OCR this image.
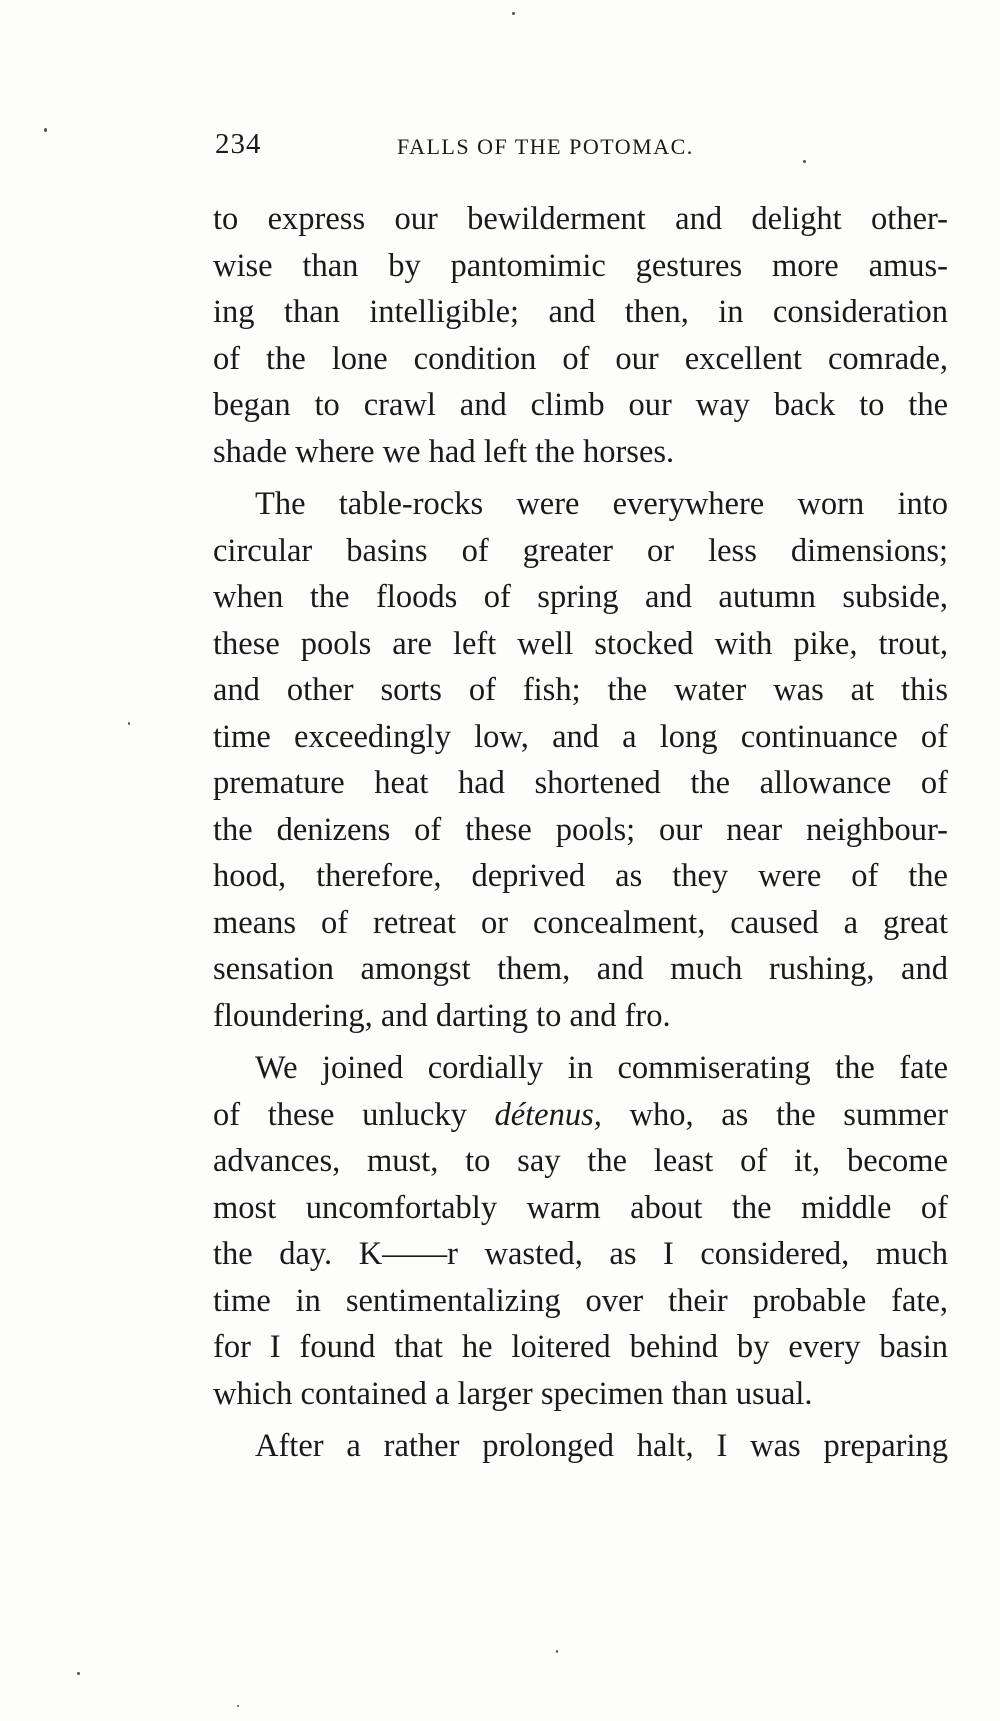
234	FALLS OF THE POTOMAC.
to express our bewilderment and delight other-
wise than by pantomimic gestures more amus-
ing than intelligible; and then, in consideration
of the lone condition of our excellent comrade,
began to crawl and climb our way back to the
shade where we had left the horses.
The table-rocks were everywhere worn into
circular basins of greater or less dimensions;
when the floods of spring and autumn subside,
these pools are left well stocked with pike, trout,
and other sorts of fish; the water was at this
time exceedingly low, and a long continuance of
premature heat had shortened the allowance of
the denizens of these pools; our near neighbour-
hood, therefore, deprived as they were of the
means of retreat or concealment, caused a great
sensation amongst them, and much rushing, and
floundering, and darting to and fro.
We joined cordially in commiserating the fate
of these unlucky détenus, who, as the summer
advances, must, to say the least of it, become
most uncomfortably warm about the middle of
the day. K——r wasted, as I considered, much
time in sentimentalizing over their probable fate,
for I found that he loitered behind by every basin
which contained a larger specimen than usual.
After a rather prolonged halt, I was preparing
